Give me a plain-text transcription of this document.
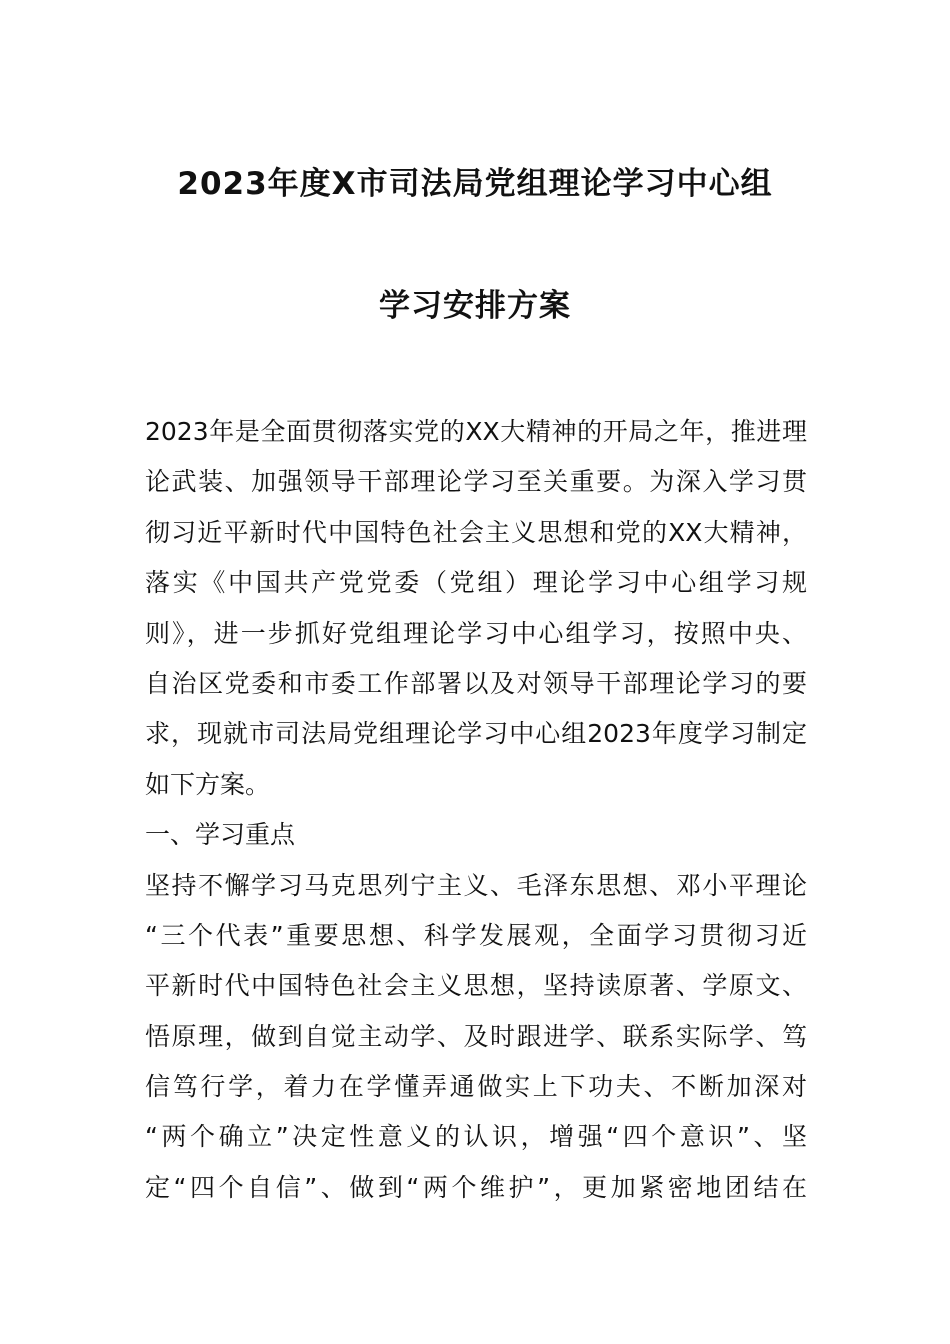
2023年度X市司法局党组理论学习中心组
学习安排方案

2023年是全面贯彻落实党的XX大精神的开局之年，推进理

论武装、加强领导干部理论学习至关重要。为深入学习贯

彻习近平新时代中国特色社会主义思想和党的XX大精神，

落实《中国共产党党委（党组）理论学习中心组学习规

则》，进一步抓好党组理论学习中心组学习，按照中央、

自治区党委和市委工作部署以及对领导干部理论学习的要

求，现就市司法局党组理论学习中心组2023年度学习制定

如下方案。

一、学习重点

坚持不懈学习马克思列宁主义、毛泽东思想、邓小平理论

“三个代表”重要思想、科学发展观，全面学习贯彻习近

平新时代中国特色社会主义思想，坚持读原著、学原文、

悟原理，做到自觉主动学、及时跟进学、联系实际学、笃

信笃行学，着力在学懂弄通做实上下功夫、不断加深对

“两个确立”决定性意义的认识，增强“四个意识”、坚

定“四个自信”、做到“两个维护”，更加紧密地团结在
